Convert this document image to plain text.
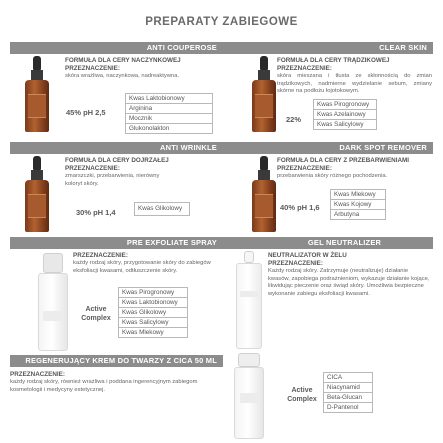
PREPARATY ZABIEGOWE
ANTI COUPEROSE
FORMUŁA DLA CERY NACZYNKOWEJ
PRZEZNACZENIE:
skóra wrażliwa, naczynkowa, nadreaktywna.
45% pH 2,5
Kwas Laktobionowy
Arginina
Mocznik
Glukonolakton
CLEAR SKIN
FORMUŁA DLA CERY TRĄDZIKOWEJ
PRZEZNACZENIE:
skóra mieszana i tłusta ze skłonnością do zmian trądzikowych, nadmierne wydzielanie sebum, zmiany skórne na podłożu łojotokowym.
22%
Kwas Pirogronowy
Kwas Azelainowy
Kwas Salicylowy
ANTI WRINKLE
FORMUŁA DLA CERY DOJRZAŁEJ
PRZEZNACZENIE:
zmarszczki, przebarwienia, nierówny koloryt skóry.
30% pH 1,4	Kwas Glikolowy
DARK SPOT REMOVER
FORMUŁA DLA CERY Z PRZEBARWIENIAMI
PRZEZNACZENIE:
przebarwienia skóry różnego pochodzenia.
40% pH 1,6
Kwas Mlekowy
Kwas Kojowy
Arbutyna
PRE EXFOLIATE SPRAY
PRZEZNACZENIE:
każdy rodzaj skóry, przygotowanie skóry do zabiegów eksfoliacji kwasami, odtłuszczenie skóry.
Active Complex
Kwas Pirogronowy
Kwas Laktobionowy
Kwas Glikolowy
Kwas Salicylowy
Kwas Mlekowy
GEL NEUTRALIZER
NEUTRALIZATOR W ŻELU
PRZEZNACZENIE:
Każdy rodzaj skóry. Zatrzymuje (neutralizuje) działanie kwasów, zapobiega podrażnieniom, wykazuje działanie kojące, likwidując pieczenie oraz świąd skóry. Umożliwia bezpieczne wykonanie zabiegu eksfoliacji kwasami.
REGENERUJĄCY KREM DO TWARZY Z CICA 50 ML
PRZEZNACZENIE:
każdy rodzaj skóry, również wrażliwa i poddana ingerencyjnym zabiegom kosmetologii i medycyny estetycznej.	Active Complex
CICA
Niacynamid
Beta-Glucan
D-Pantenol
